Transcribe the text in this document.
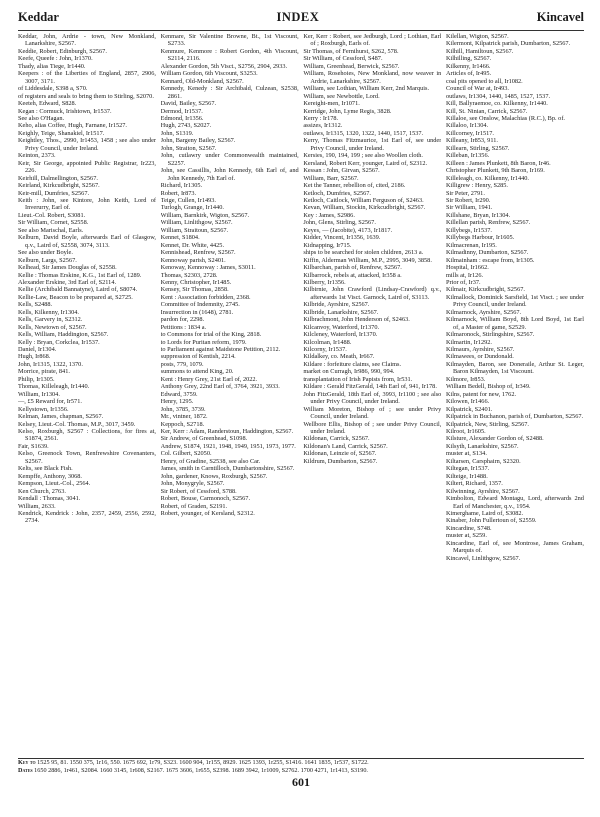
Keddar	INDEX	Kincavel
Keddar, John, Ardrie - town, New Monkland, Lanarkshire, S2567.
Keddie, Robert, Edinburgh, S2567.
Keefe, Queefe : John, Ir1370.
Thady, alias Tiege, Ir1440.
Keepers : of the Liberties of England, 2857, 2906, 3007, 3171.
of Liddesdale, S398 a, S70.
of registers and seals to bring them to Stirling, S2070.
Keeteh, Edward, S828.
Kegan : Cormuck, Irishtown, Ir1537.
See also O'Hagan.
Keho, alias Coffee, Hugh, Farnane, Ir1527.
Keighly, Teige, Shanakiel, Ir1517.
Keightley, Thos., 2990, Ir1453, 1458 ; see also under Privy Council, under Ireland.
Keinton, 2373.
Keir, Sir George, appointed Public Registrar, Ir223, 226.
Keirhill, Dalmellington, S2567.
Keirland, Kirkcudbright, S2567.
Keir-mill, Dumfries, S2567.
Keith : John, see Kintore, John Keith, Lord of Inverurry, Earl of.
Lieut.-Col. Robert, S3081.
Sir William, Cornet, S2558.
See also Marischal, Earls.
Kelburn, David Boyle, afterwards Earl of Glasgow, q.v., Laird of, S2558, 3074, 3113.
See also under Boyle.
Kelburn, Largs, S2567.
Kelhead, Sir James Douglas of, S2558.
Kellie : Thomas Erskine, K.G., 1st Earl of, 1289.
Alexander Erskine, 3rd Earl of, S2114.
Kellie (Archibald Bannatyne), Laird of, S8074.
Kellie-Law, Beacon to be prepared at, S2725.
Kells, S2488.
Kells, Kilkenny, Ir1304.
Kells, Garvery in, S2312.
Kells, Newtown of, S2567.
Kells, William, Haddington, S2567.
Kelly : Bryan, Corkclea, Ir1537.
Daniel, Ir1304.
Hugh, Ir868.
John, Ir1315, 1322, 1370.
Morrice, pirate, 841.
Philip, Ir1305.
Thomas, Killeleagh, Ir1440.
William, Ir1304.
—, £5 Reward for, Ir571.
Kellystown, Ir1356.
Kelman, James, chapman, S2567.
Kelsey, Lieut.-Col. Thomas, M.P., 3017, 3459.
Kelso, Roxburgh, S2567 : Collections, for fires at, S1874, 2561.
Fair, S1639.
Kelso, Greenock Town, Renfrewshire Covenanters, S2567.
Kelts, see Black Fish.
Kempffe, Anthony, 3068.
Kempson, Lieut.-Col., 2564.
Ken Church, 2763.
Kendall : Thomas, 3041.
William, 2633.
Kendrick, Kendrick : John, 2357, 2459, 2556, 2592, 2734.
Kenmare, Sir Valentine Browne, Bt., 1st Viscount, S2733.
Kenmure, Kenmore : Robert Gordon, 4th Viscount, S2114, 2116.
Alexander Gordon, 5th Visct., S2756, 2904, 2933.
William Gordon, 6th Viscount, S3253.
Kennard, Old-Monkland, S2567.
Kennedy, Kenedy : Sir Archibald, Culzean, S2538, 2861.
David, Bailey, S2567.
Dermod, Ir1537.
Edmond, Ir1356.
Hugh, 2743, S2027.
John, S1319.
John, Bargeny Bailey, S2567.
John, Straiton, S2567.
John, cutlawry under Commonwealth maintained, S2257.
John, see Cassillis, John Kennedy, 6th Earl of, and John Kennedy, 7th Earl of.
Richard, Ir1305.
Robert, Ir873.
Teige, Cullen, Ir1493.
Turlogh, Grange, Ir1440.
William, Barnkirk, Wigton, S2567.
William, Linlithgow, S2567.
William, Straitoun, S2567.
Kennet, S1804.
Kennet, Dr. White, 4425.
Kennishead, Renfrew, S2567.
Kennoway parish, S2401.
Kenoway, Kennoway : James, S3011.
Thomas, S2303, 2728.
Kenny, Christopher, Ir1485.
Kensey, Sir Thomas, 2858.
Kent : Association forbidden, 2368.
Committee of Indemnity, 2745.
Insurrection in (1648), 2781.
pardon for, 2298.
Petitions : 1834 a.
to Commons for trial of the King, 2818.
to Lords for Puritan reform, 1979.
to Parliament against Maidstone Petition, 2112.
suppression of Kentish, 2214.
posts, 779, 1079.
summons to attend King, 20.
Kent : Henry Grey, 21st Earl of, 2022.
Anthony Grey, 22nd Earl of, 3764, 3921, 3933.
Edward, 3759.
Henry, 1295.
John, 3785, 3739.
Mr., vintner, 1872.
Keppoch, S2718.
Ker, Kerr : Adam, Randerstoun, Haddington, S2567.
Sir Andrew, of Greenhead, S1098.
Andrew, S1874, 1921, 1948, 1949, 1951, 1973, 1977.
Col. Gilbert, S2050.
Henry, of Gradine, S2538, see also Car.
James, smith in Carntilloch, Dumbartonshire, S2567.
John, gardener, Knows, Roxburgh, S2567.
John, Monygryle, S2567.
Sir Robert, of Cessford, S788.
Robert, Bouse, Carmonoch, S2567.
Robert, of Graden, S2191.
Robert, younger, of Kersland, S2312.
Ker, Kerr : Robert, see Jedburgh, Lord ; Lothian, Earl of ; Roxburgh, Earls of.
Sir Thomas, of Fernihurst, S262, 578.
Sir William, of Cessford, S487.
William, Greenhead, Berwick, S2567.
William, Rosehoies, New Monkland, now weaver in Ardrie, Lanarkshire, S2567.
William, see Lothian, William Kerr, 2nd Marquis.
William, see Newbottle, Lord.
Kereight-men, Ir1071.
Kerridge, John, Lyme Regis, 3828.
Kerry : Ir178.
assizes, Ir1312.
outlaws, Ir1315, 1320, 1322, 1440, 1517, 1537.
Kerry, Thomas Fitzmaurice, 1st Earl of, see under Privy Council, under Ireland.
Kersies, 190, 194, 199 ; see also Woollen cloth.
Kersland, Robert Kerr, younger, Laird of, S2312.
Kessan : John, Girvan, S2567.
William, Barr, S2567.
Ket the Tanner, rebellion of, cited, 2186.
Ketloch, Dumfries, S2567.
Ketloch, Caitlock, William Ferguson of, S2463.
Kevan, William, Stockin, Kirkcudbright, S2567.
Key : James, S2986.
John, Glens, Stirling, S2567.
Keyes, — (Jacobite), 4173, Ir1817.
Kidder, Vincent, Ir1356, 1639.
Kidnapping, Ir715.
ships to be searched for stolen children, 2613 a.
Kiffin, Alderman William, M.P., 2995, 3049, 3858.
Kilbarchan, parish of, Renfrew, S2567.
Kilbarrock, rebels at, attacked, Ir358 a.
Kilberry, Ir1356.
Kilbirnie, John Crawford (Lindsay-Crawford) q.v., afterwards 1st Visct. Garnock, Laird of, S3113.
Kilbride, Ayrshire, S2567.
Kilbride, Lanarkshire, S2567.
Kilbrachmont, John Henderson of, S2463.
Kilcanvoy, Waterford, Ir1370.
Kilcleney, Waterford, Ir1370.
Kilcolman, Ir1488.
Kilcorny, Ir1537.
Kildalkey, co. Meath, Ir667.
Kildare : forfeiture claims, see Claims.
market on Curragh, Ir986, 990, 994.
transplantation of Irish Papists from, Ir531.
Kildare : Gerald FitzGerald, 14th Earl of, 941, Ir178.
John FitzGerald, 18th Earl of, 3993, Ir1100 ; see also under Privy Council, under Ireland.
William Moreton, Bishop of ; see under Privy Council, under Ireland.
Wellbore Ellis, Bishop of ; see under Privy Council, under Ireland.
Kildonan, Carrick, S2567.
Kildonan's Land, Carrick, S2567.
Kildonan, Leinzie of, S2567.
Kildrum, Dumbarton, S2567.
Kilellan, Wigton, S2567.
Kilermont, Kilpatrick parish, Dumbarton, S2567.
Kilhill, Hamiltoun, S2567.
Kilhilling, S2567.
Kilkenny, Ir1466.
Articles of, Ir495.
coal pits opened to all, Ir1082.
Council of War at, Ir493.
outlaws, Ir1304, 1440, 1485, 1527, 1537.
Kill, Ballyraemoe, co. Kilkenny, Ir1440.
Kill, St. Ninian, Carrick, S2567.
Killaloe, see Onslow, Malachias (R.C.), Bp. of.
Killaloo, Ir1304.
Killcorney, Ir1517.
Killeany, Ir853, 911.
Killearn, Stirling, S2567.
Killeban, Ir1356.
Killeen : James Plunkett, 8th Baron, Ir46.
Christopher Plunkett, 9th Baron, Ir169.
Killeleagh, co. Kilkenny, Ir1440.
Killigrew : Henry, S285.
Sir Peter, 2791.
Sir Robert, Ir290.
Sir William, 1941.
Killshane, Bryan, Ir1304.
Killellan parish, Renfrew, S2567.
Killybegs, Ir1537.
Killybegs Harbour, Ir1605.
Kilmacrenan, Ir195.
Kilmadinny, Dumbarton, S2567.
Kilmainham : escape from, Ir1305.
Hospital, Ir1662.
mills at, Ir126.
Prior of, Ir37.
Kilmair, Kirkcudbright, S2567.
Kilmallock, Dominick Sarsfield, 1st Visct. ; see under Privy Council, under Ireland.
Kilmarnock, Ayrshire, S2567.
Kilmarnock, William Boyd, 8th Lord Boyd, 1st Earl of, a Master of game, S2529.
Kilmaronock, Stirlingshire, S2567.
Kilmartin, Ir1292.
Kilmaurs, Ayrshire, S2567.
Kilmawees, or Dundonald.
Kilmayden, Baron, see Doneraile, Arthur St. Leger, Baron Kilmayden, 1st Viscount.
Kilmore, Ir853.
William Bedell, Bishop of, Ir349.
Kilns, patent for new, 1762.
Kilowen, Ir1466.
Kilpatrick, S2401.
Kilpatrick in Buchanon, parish of, Dumbarton, S2567.
Kilpatrick, New, Stirling, S2567.
Kilroot, Ir1605.
Kilsture, Alexander Gordon of, S2488.
Kilsyth, Lanarkshire, S2567.
muster at, S134.
Kiltarsen, Carsphairn, S2320.
Kiltegan, Ir1537.
Kilteige, Ir1488.
Kiltert, Richard, 1357.
Kilwinning, Ayrshire, S2567.
Kimbolton, Edward Montagu, Lord, afterwards 2nd Earl of Manchester, q.v., 1954.
Kimerghame, Laird of, S3082.
Kinaber, John Fullertoun of, S2559.
Kincardine, S748.
muster at, S259.
Kincardine, Earl of, see Montrose, James Graham, Marquis of.
Kincavel, Linlithgow, S2567.
Key to 1525 95, 81. 1550 375, 1r16, 550. 1675 692, 1r79, S323. 1600 904, 1r155, 8929. 1625 1393, 1r255, S1416. 1641 1835, 1r537, S1722.
Dates 1650 2886, 1r461, S2084. 1660 3145, 1r608, S2167. 1675 3606, 1r655, S2398. 1689 3942, 1r1009, S2762. 1700 4271, 1r1413, S3190.
601
